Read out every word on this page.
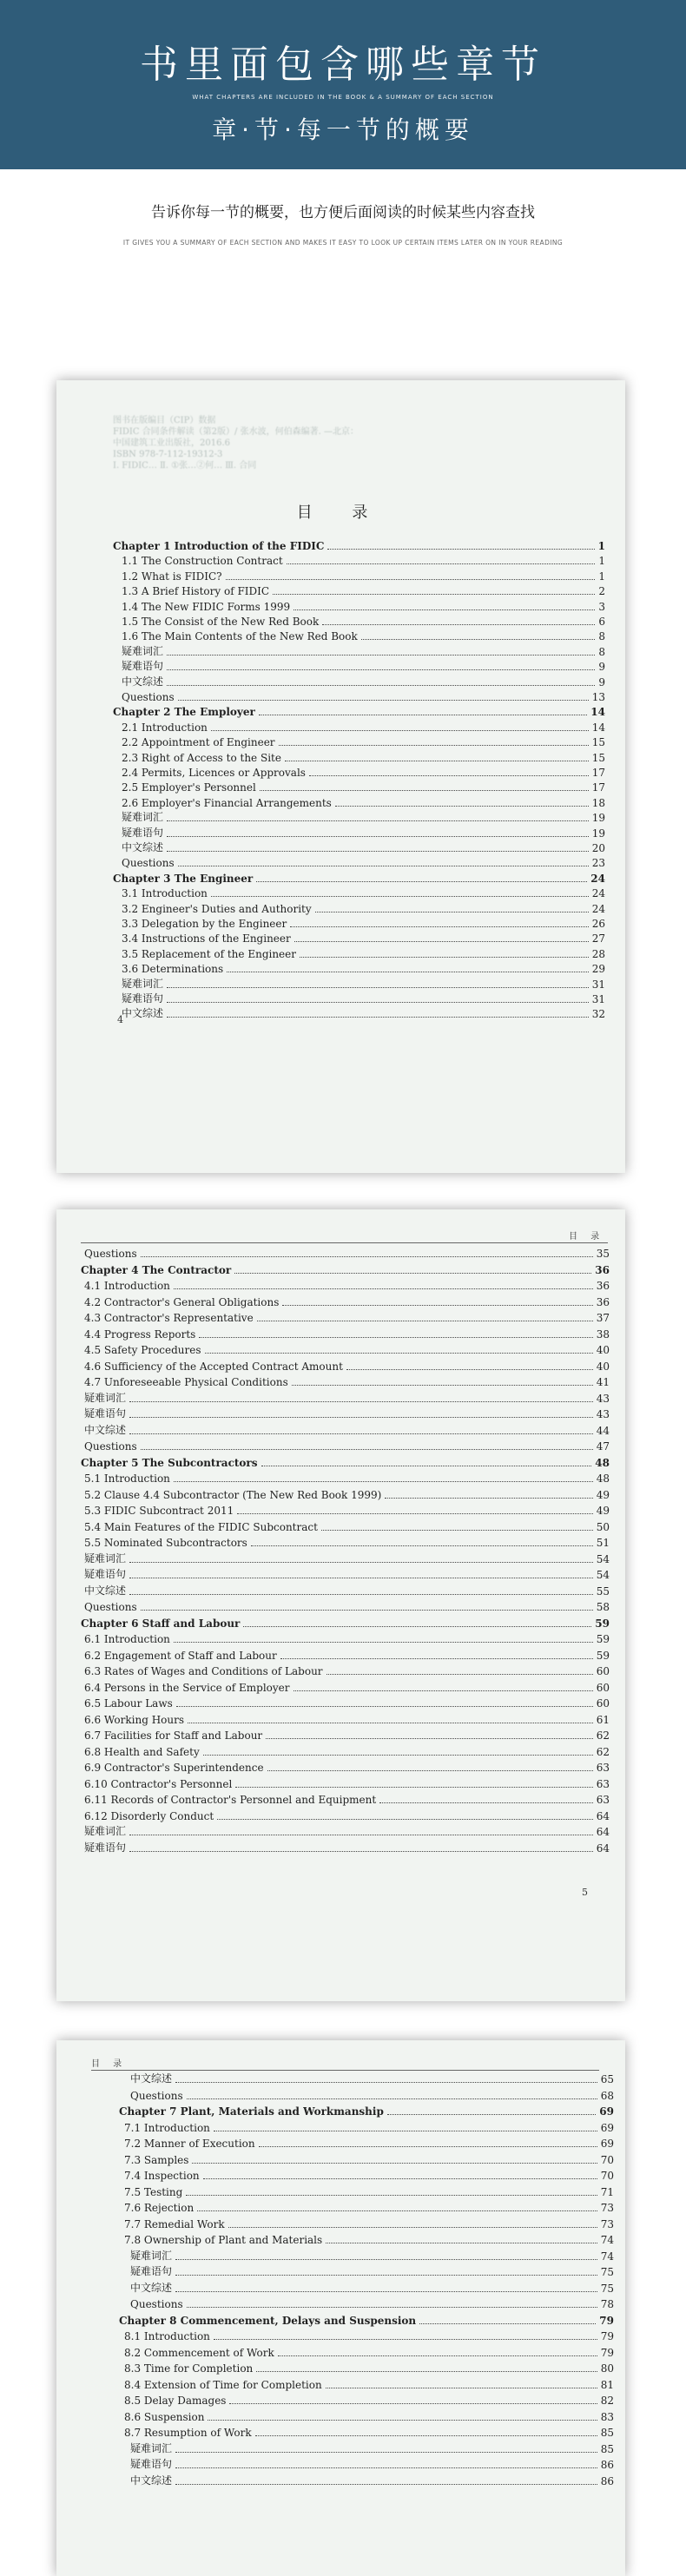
书里面包含哪些章节
WHAT CHAPTERS ARE INCLUDED IN THE BOOK & A SUMMARY OF EACH SECTION
章·节·每一节的概要
告诉你每一节的概要，也方便后面阅读的时候某些内容查找
IT GIVES YOU A SUMMARY OF EACH SECTION AND MAKES IT EASY TO LOOK UP CERTAIN ITEMS LATER ON IN YOUR READING
图书在版编目（CIP）数据
FIDIC 合同条件解读（第2版）/ 张水波，何伯森编著. —北京：
中国建筑工业出版社，2016.6
ISBN 978-7-112-19312-3
Ⅰ. FIDIC… Ⅱ. ①张…②何… Ⅲ. 合同
目 录
Chapter 1 Introduction of the FIDIC	1
1.1 The Construction Contract	1
1.2 What is FIDIC?	1
1.3 A Brief History of FIDIC	2
1.4 The New FIDIC Forms 1999	3
1.5 The Consist of the New Red Book	6
1.6 The Main Contents of the New Red Book	8
疑难词汇	8
疑难语句	9
中文综述	9
Questions	13
Chapter 2 The Employer	14
2.1 Introduction	14
2.2 Appointment of Engineer	15
2.3 Right of Access to the Site	15
2.4 Permits, Licences or Approvals	17
2.5 Employer's Personnel	17
2.6 Employer's Financial Arrangements	18
疑难词汇	19
疑难语句	19
中文综述	20
Questions	23
Chapter 3 The Engineer	24
3.1 Introduction	24
3.2 Engineer's Duties and Authority	24
3.3 Delegation by the Engineer	26
3.4 Instructions of the Engineer	27
3.5 Replacement of the Engineer	28
3.6 Determinations	29
疑难词汇	31
疑难语句	31
中文综述	32
4
目 录
Questions	35
Chapter 4 The Contractor	36
4.1 Introduction	36
4.2 Contractor's General Obligations	36
4.3 Contractor's Representative	37
4.4 Progress Reports	38
4.5 Safety Procedures	40
4.6 Sufficiency of the Accepted Contract Amount	40
4.7 Unforeseeable Physical Conditions	41
疑难词汇	43
疑难语句	43
中文综述	44
Questions	47
Chapter 5 The Subcontractors	48
5.1 Introduction	48
5.2 Clause 4.4 Subcontractor (The New Red Book 1999)	49
5.3 FIDIC Subcontract 2011	49
5.4 Main Features of the FIDIC Subcontract	50
5.5 Nominated Subcontractors	51
疑难词汇	54
疑难语句	54
中文综述	55
Questions	58
Chapter 6 Staff and Labour	59
6.1 Introduction	59
6.2 Engagement of Staff and Labour	59
6.3 Rates of Wages and Conditions of Labour	60
6.4 Persons in the Service of Employer	60
6.5 Labour Laws	60
6.6 Working Hours	61
6.7 Facilities for Staff and Labour	62
6.8 Health and Safety	62
6.9 Contractor's Superintendence	63
6.10 Contractor's Personnel	63
6.11 Records of Contractor's Personnel and Equipment	63
6.12 Disorderly Conduct	64
疑难词汇	64
疑难语句	64
5
目 录
中文综述	65
Questions	68
Chapter 7 Plant, Materials and Workmanship	69
7.1 Introduction	69
7.2 Manner of Execution	69
7.3 Samples	70
7.4 Inspection	70
7.5 Testing	71
7.6 Rejection	73
7.7 Remedial Work	73
7.8 Ownership of Plant and Materials	74
疑难词汇	74
疑难语句	75
中文综述	75
Questions	78
Chapter 8 Commencement, Delays and Suspension	79
8.1 Introduction	79
8.2 Commencement of Work	79
8.3 Time for Completion	80
8.4 Extension of Time for Completion	81
8.5 Delay Damages	82
8.6 Suspension	83
8.7 Resumption of Work	85
疑难词汇	85
疑难语句	86
中文综述	86
